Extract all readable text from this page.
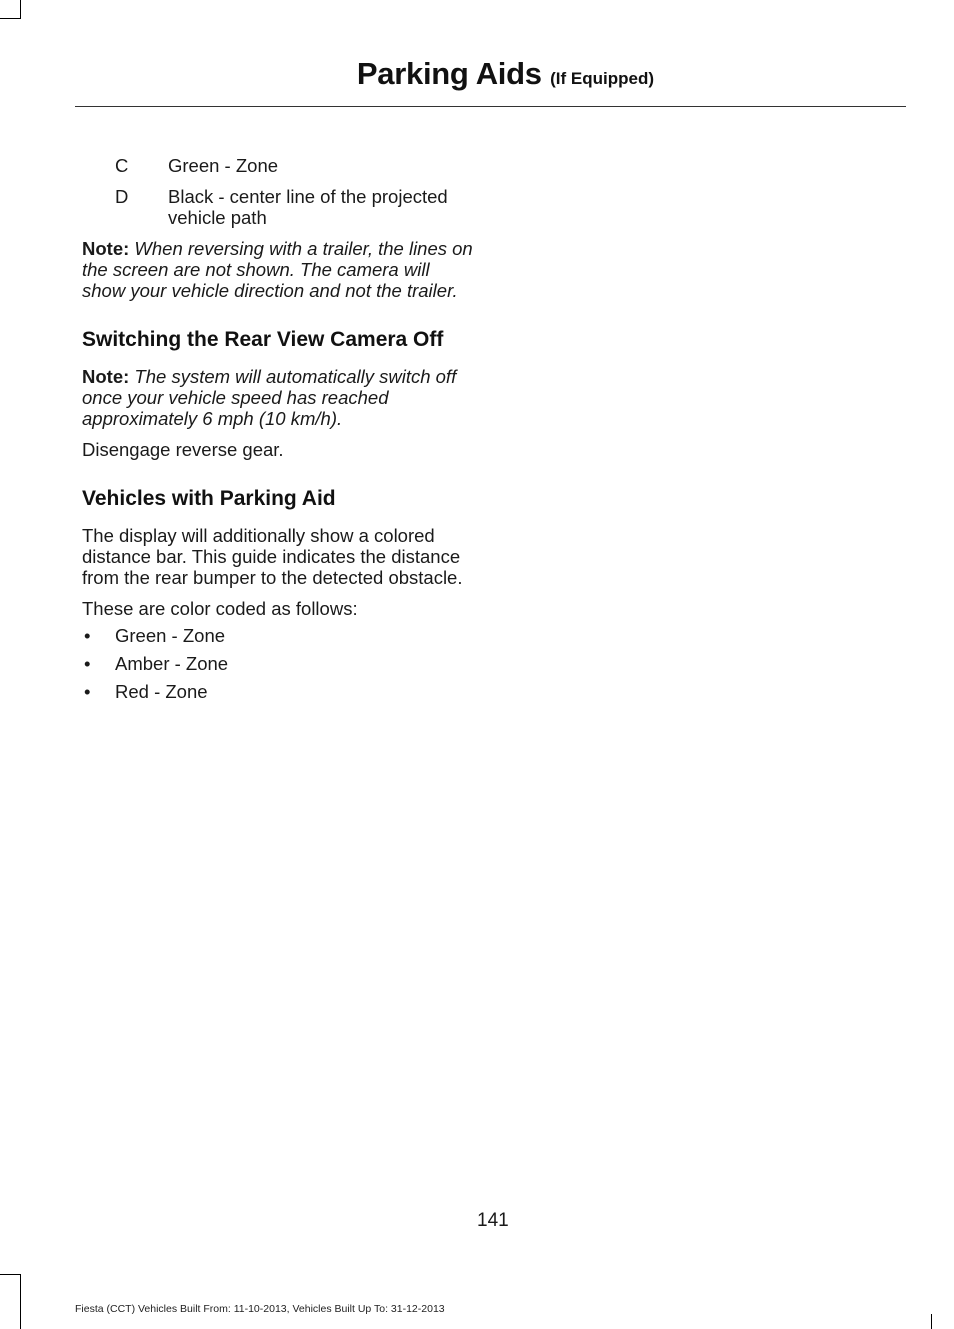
Parking Aids (If Equipped)
C	Green - Zone
D	Black - center line of the projected vehicle path

Note: When reversing with a trailer, the lines on the screen are not shown. The camera will show your vehicle direction and not the trailer.

Switching the Rear View Camera Off

Note: The system will automatically switch off once your vehicle speed has reached approximately 6 mph (10 km/h).

Disengage reverse gear.

Vehicles with Parking Aid

The display will additionally show a colored distance bar. This guide indicates the distance from the rear bumper to the detected obstacle.

These are color coded as follows:

•	Green - Zone
•	Amber - Zone
•	Red - Zone
141
Fiesta (CCT) Vehicles Built From: 11-10-2013, Vehicles Built Up To: 31-12-2013
